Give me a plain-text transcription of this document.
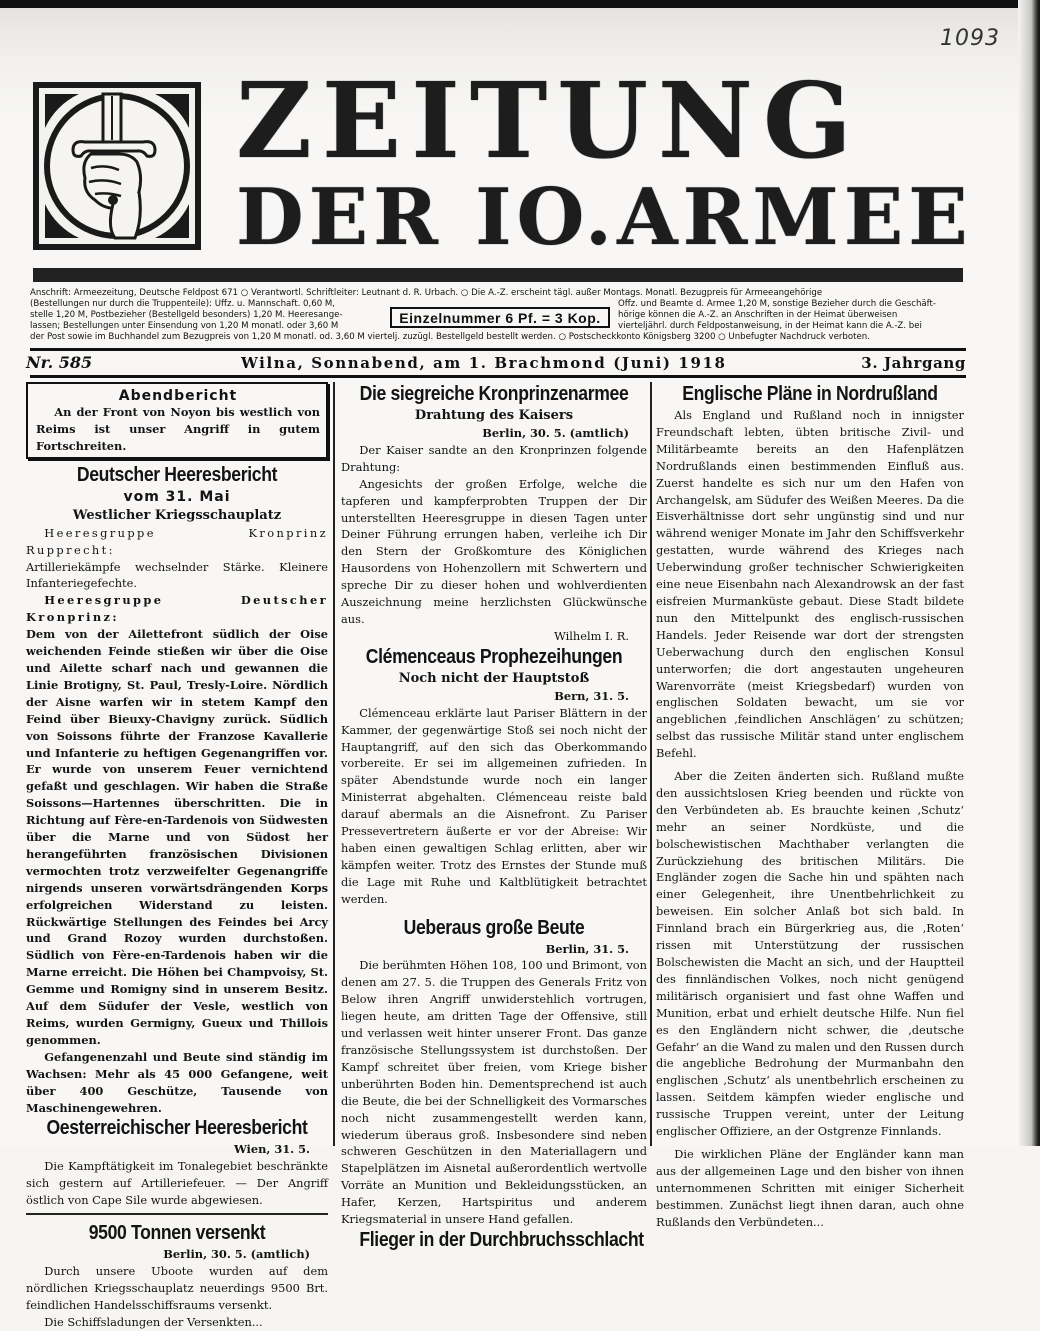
1093
ZEITUNG
DER IO.ARMEE
Anschrift: Armeezeitung, Deutsche Feldpost 671 ○ Verantwortl. Schriftleiter: Leutnant d. R. Urbach. ○ Die A.-Z. erscheint tägl. außer Montags. Monatl. Bezugpreis für Armeeangehörige
(Bestellungen nur durch die Truppenteile): Uffz. u. Mannschaft. 0,60 M,
stelle 1,20 M, Postbezieher (Bestellgeld besonders) 1,20 M. Heeresange-
lassen; Bestellungen unter Einsendung von 1,20 M monatl. oder 3,60 M	Einzelnummer 6 Pf. = 3 Kop.
Offz. und Beamte d. Armee 1,20 M, sonstige Bezieher durch die Geschäft-
hörige können die A.-Z. an Anschriften in der Heimat überweisen
vierteljährl. durch Feldpostanweisung, in der Heimat kann die A.-Z. bei
der Post sowie im Buchhandel zum Bezugpreis von 1,20 M monatl. od. 3,60 M viertelj. zuzügl. Bestellgeld bestellt werden. ○ Postscheckkonto Königsberg 3200 ○ Unbefugter Nachdruck verboten.
Nr. 585	Wilna, Sonnabend, am 1. Brachmond (Juni) 1918	3. Jahrgang
Abendbericht

An der Front von Noyon bis westlich von Reims ist unser Angriff in gutem Fortschreiten.

Deutscher Heeresbericht
vom 31. Mai
Westlicher Kriegsschauplatz

Heeresgruppe Kronprinz Rupprecht:

Artilleriekämpfe wechselnder Stärke. Kleinere Infanteriegefechte.

Heeresgruppe Deutscher Kronprinz:

Dem von der Ailettefront südlich der Oise weichenden Feinde stießen wir über die Oise und Ailette scharf nach und gewannen die Linie Brotigny, St. Paul, Tresly-Loire. Nördlich der Aisne warfen wir in stetem Kampf den Feind über Bieuxy-Chavigny zurück. Südlich von Soissons führte der Franzose Kavallerie und Infanterie zu heftigen Gegenangriffen vor. Er wurde von unserem Feuer vernichtend gefaßt und geschlagen. Wir haben die Straße Soissons—Hartennes überschritten. Die in Richtung auf Fère-en-Tardenois von Südwesten über die Marne und von Südost her herangeführten französischen Divisionen vermochten trotz verzweifelter Gegenangriffe nirgends unseren vorwärtsdrängenden Korps erfolgreichen Widerstand zu leisten. Rückwärtige Stellungen des Feindes bei Arcy und Grand Rozoy wurden durchstoßen. Südlich von Fère-en-Tardenois haben wir die Marne erreicht. Die Höhen bei Champvoisy, St. Gemme und Romigny sind in unserem Besitz. Auf dem Südufer der Vesle, westlich von Reims, wurden Germigny, Gueux und Thillois genommen.

Gefangenenzahl und Beute sind ständig im Wachsen: Mehr als 45 000 Gefangene, weit über 400 Geschütze, Tausende von Maschinengewehren.

Oesterreichischer Heeresbericht
Wien, 31. 5.

Die Kampftätigkeit im Tonalegebiet beschränkte sich gestern auf Artilleriefeuer. — Der Angriff östlich von Cape Sile wurde abgewiesen.

9500 Tonnen versenkt
Berlin, 30. 5. (amtlich)

Durch unsere Uboote wurden auf dem nördlichen Kriegsschauplatz neuerdings 9500 Brt. feindlichen Handelsschiffsraums versenkt.

Die Schiffsladungen der Versenkten...

Die siegreiche Kronprinzenarmee
Drahtung des Kaisers
Berlin, 30. 5. (amtlich)

Der Kaiser sandte an den Kronprinzen folgende Drahtung:

Angesichts der großen Erfolge, welche die tapferen und kampferprobten Truppen der Dir unterstellten Heeresgruppe in diesen Tagen unter Deiner Führung errungen haben, verleihe ich Dir den Stern der Großkomture des Königlichen Hausordens von Hohenzollern mit Schwertern und spreche Dir zu dieser hohen und wohlverdienten Auszeichnung meine herzlichsten Glückwünsche aus.

Wilhelm I. R.
Clémenceaus Prophezeihungen
Noch nicht der Hauptstoß
Bern, 31. 5.

Clémenceau erklärte laut Pariser Blättern in der Kammer, der gegenwärtige Stoß sei noch nicht der Hauptangriff, auf den sich das Oberkommando vorbereite. Er sei im allgemeinen zufrieden. In später Abendstunde wurde noch ein langer Ministerrat abgehalten. Clémenceau reiste bald darauf abermals an die Aisnefront. Zu Pariser Pressevertretern äußerte er vor der Abreise: Wir haben einen gewaltigen Schlag erlitten, aber wir kämpfen weiter. Trotz des Ernstes der Stunde muß die Lage mit Ruhe und Kaltblütigkeit betrachtet werden.

Ueberaus große Beute
Berlin, 31. 5.

Die berühmten Höhen 108, 100 und Brimont, von denen am 27. 5. die Truppen des Generals Fritz von Below ihren Angriff unwiderstehlich vortrugen, liegen heute, am dritten Tage der Offensive, still und verlassen weit hinter unserer Front. Das ganze französische Stellungssystem ist durchstoßen. Der Kampf schreitet über freien, vom Kriege bisher unberührten Boden hin. Dementsprechend ist auch die Beute, die bei der Schnelligkeit des Vormarsches noch nicht zusammengestellt werden kann, wiederum überaus groß. Insbesondere sind neben schweren Geschützen in den Materiallagern und Stapelplätzen im Aisnetal außerordentlich wertvolle Vorräte an Munition und Bekleidungsstücken, an Hafer, Kerzen, Hartspiritus und anderem Kriegsmaterial in unsere Hand gefallen.

Flieger in der Durchbruchsschlacht
Englische Pläne in Nordrußland

Als England und Rußland noch in innigster Freundschaft lebten, übten britische Zivil- und Militärbeamte bereits an den Hafenplätzen Nordrußlands einen bestimmenden Einfluß aus. Zuerst handelte es sich nur um den Hafen von Archangelsk, am Südufer des Weißen Meeres. Da die Eisverhältnisse dort sehr ungünstig sind und nur während weniger Monate im Jahr den Schiffsverkehr gestatten, wurde während des Krieges nach Ueberwindung großer technischer Schwierigkeiten eine neue Eisenbahn nach Alexandrowsk an der fast eisfreien Murmanküste gebaut. Diese Stadt bildete nun den Mittelpunkt des englisch-russischen Handels. Jeder Reisende war dort der strengsten Ueberwachung durch den englischen Konsul unterworfen; die dort angestauten ungeheuren Warenvorräte (meist Kriegsbedarf) wurden von englischen Soldaten bewacht, um sie vor angeblichen ‚feindlichen Anschlägen‘ zu schützen; selbst das russische Militär stand unter englischem Befehl.

Aber die Zeiten änderten sich. Rußland mußte den aussichtslosen Krieg beenden und rückte von den Verbündeten ab. Es brauchte keinen ‚Schutz‘ mehr an seiner Nordküste, und die bolschewistischen Machthaber verlangten die Zurückziehung des britischen Militärs. Die Engländer zogen die Sache hin und spähten nach einer Gelegenheit, ihre Unentbehrlichkeit zu beweisen. Ein solcher Anlaß bot sich bald. In Finnland brach ein Bürgerkrieg aus, die ‚Roten‘ rissen mit Unterstützung der russischen Bolschewisten die Macht an sich, und der Hauptteil des finnländischen Volkes, noch nicht genügend militärisch organisiert und fast ohne Waffen und Munition, erbat und erhielt deutsche Hilfe. Nun fiel es den Engländern nicht schwer, die ‚deutsche Gefahr‘ an die Wand zu malen und den Russen durch die angebliche Bedrohung der Murmanbahn den englischen ‚Schutz‘ als unentbehrlich erscheinen zu lassen. Seitdem kämpfen wieder englische und russische Truppen vereint, unter der Leitung englischer Offiziere, an der Ostgrenze Finnlands.

Die wirklichen Pläne der Engländer kann man aus der allgemeinen Lage und den bisher von ihnen unternommenen Schritten mit einiger Sicherheit bestimmen. Zunächst liegt ihnen daran, auch ohne Rußlands den Verbündeten...
